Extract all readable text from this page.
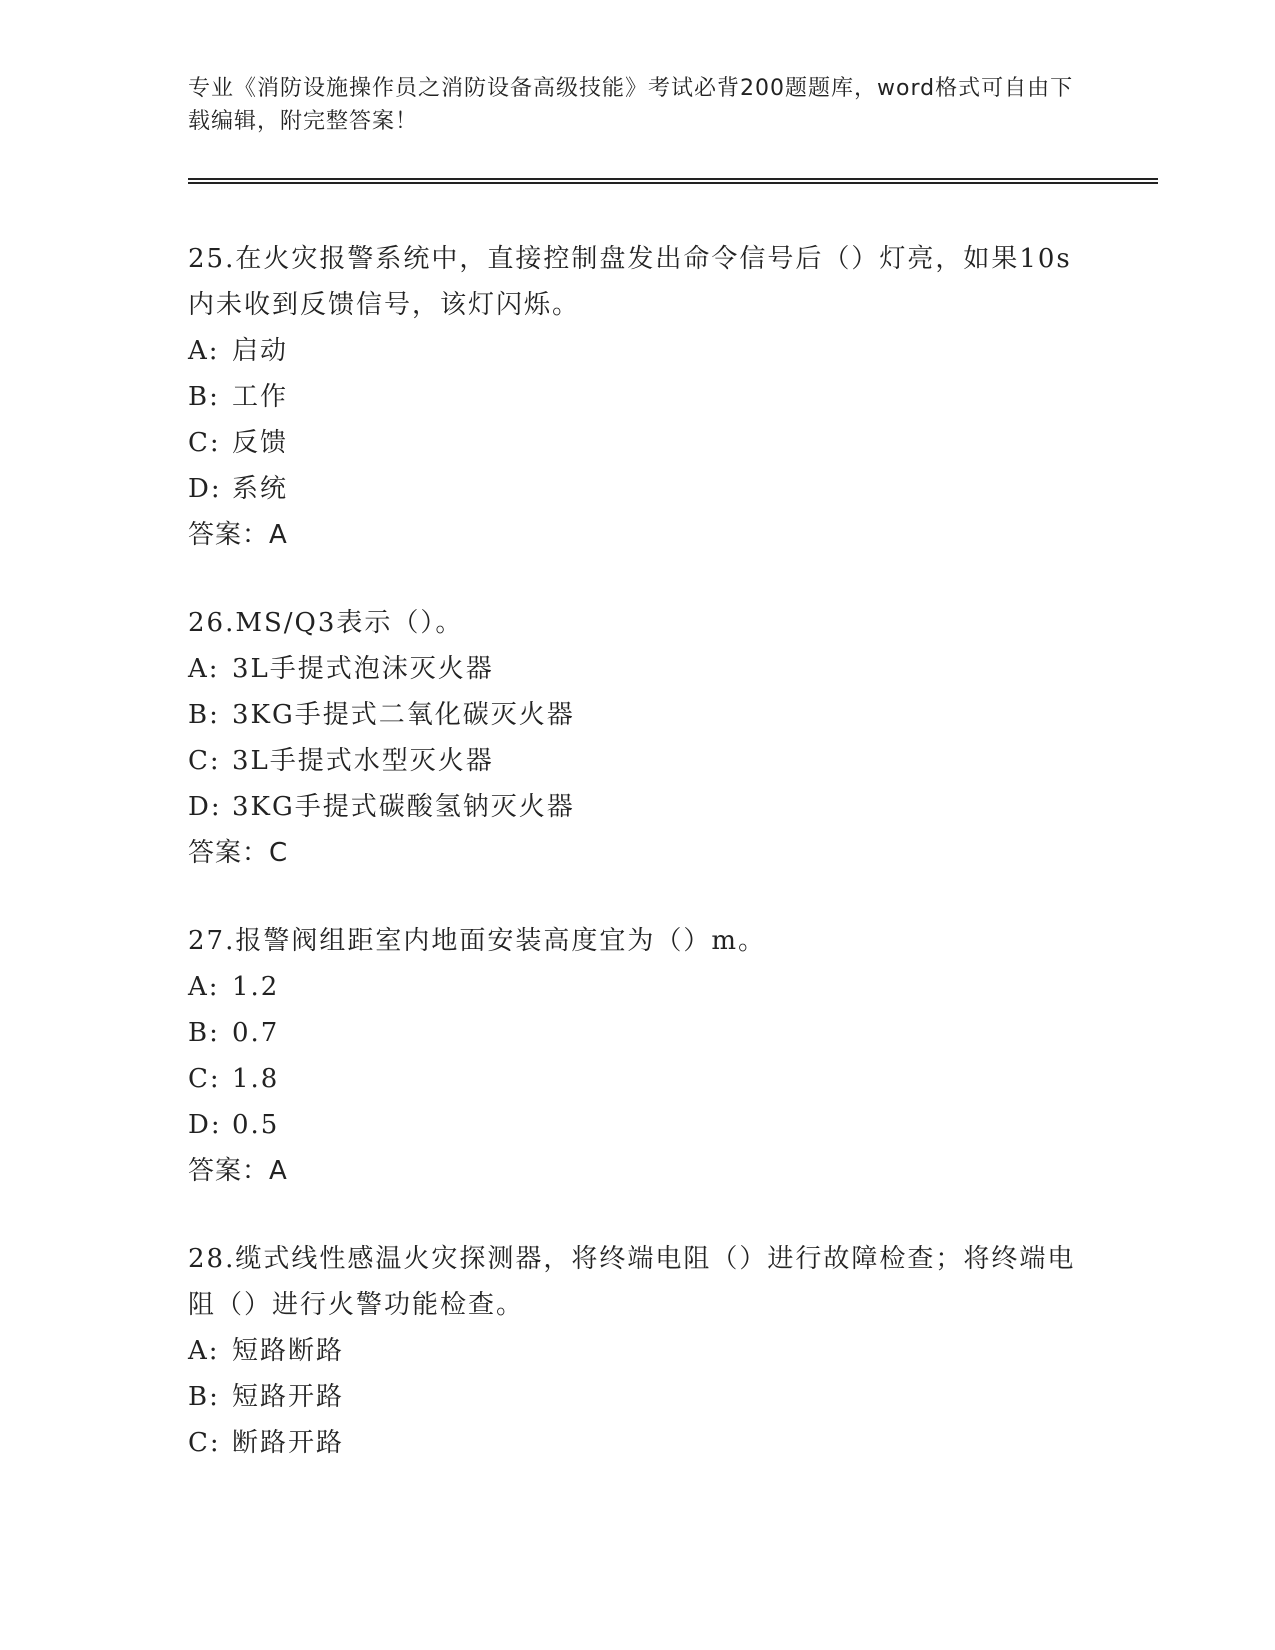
专业《消防设施操作员之消防设备高级技能》考试必背200题题库，word格式可自由下载编辑，附完整答案！

25.在火灾报警系统中，直接控制盘发出命令信号后（）灯亮，如果10s内未收到反馈信号，该灯闪烁。

A: 启动
B: 工作
C: 反馈
D: 系统

答案：A

26.MS/Q3表示（）。

A: 3L手提式泡沫灭火器
B: 3KG手提式二氧化碳灭火器
C: 3L手提式水型灭火器
D: 3KG手提式碳酸氢钠灭火器

答案：C

27.报警阀组距室内地面安装高度宜为（）m。

A: 1.2
B: 0.7
C: 1.8
D: 0.5

答案：A

28.缆式线性感温火灾探测器，将终端电阻（）进行故障检查；将终端电阻（）进行火警功能检查。

A: 短路断路
B: 短路开路
C: 断路开路
